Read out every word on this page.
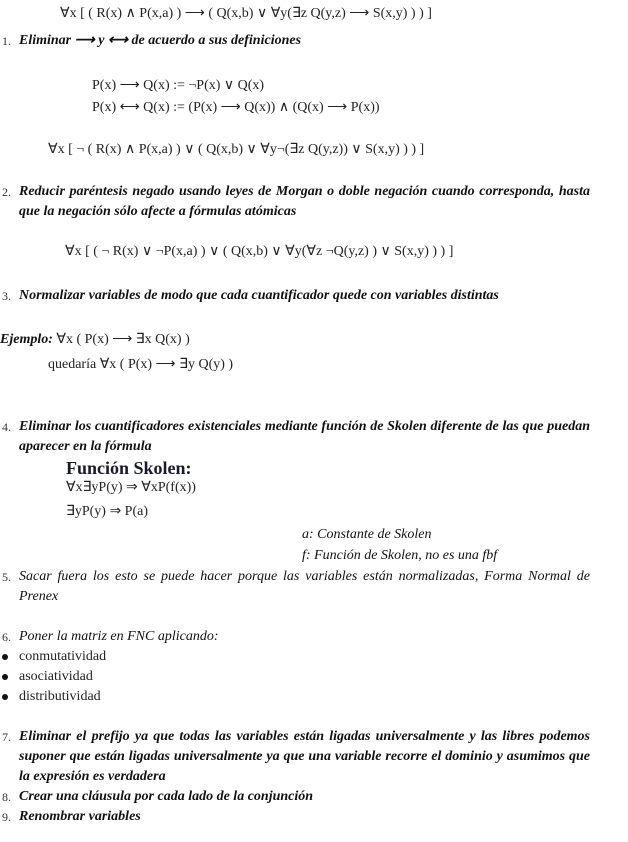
∀x [ ( R(x) ∧ P(x,a) ) ⟶ ( Q(x,b) ∨ ∀y(∃z Q(y,z) ⟶ S(x,y) ) ) ]
1. Eliminar ⟶ y ⟷ de acuerdo a sus definiciones
P(x) ⟶ Q(x) := ¬P(x) ∨ Q(x)
P(x) ⟷ Q(x) := (P(x) ⟶ Q(x)) ∧ (Q(x) ⟶ P(x))
∀x [ ¬ ( R(x) ∧ P(x,a) ) ∨ ( Q(x,b) ∨ ∀y¬(∃z Q(y,z)) ∨ S(x,y) ) ) ]
2. Reducir paréntesis negado usando leyes de Morgan o doble negación cuando corresponda, hasta que la negación sólo afecte a fórmulas atómicas
∀x [ ( ¬ R(x) ∨ ¬P(x,a) ) ∨ ( Q(x,b) ∨ ∀y(∀z ¬Q(y,z) ) ∨ S(x,y) ) ) ]
3. Normalizar variables de modo que cada cuantificador quede con variables distintas
Ejemplo: ∀x ( P(x) ⟶ ∃x Q(x) )
quedaría ∀x ( P(x) ⟶ ∃y Q(y) )
4. Eliminar los cuantificadores existenciales mediante función de Skolen diferente de las que puedan aparecer en la fórmula
Función Skolen:
∀x∃yP(y) ⇒ ∀xP(f(x))
∃yP(y) ⇒ P(a)
a: Constante de Skolen
f: Función de Skolen, no es una fbf
5. Sacar fuera los esto se puede hacer porque las variables están normalizadas, Forma Normal de Prenex
6. Poner la matriz en FNC aplicando:
conmutatividad
asociatividad
distributividad
7. Eliminar el prefijo ya que todas las variables están ligadas universalmente y las libres podemos suponer que están ligadas universalmente ya que una variable recorre el dominio y asumimos que la expresión es verdadera
8. Crear una cláusula por cada lado de la conjunción
9. Renombrar variables
